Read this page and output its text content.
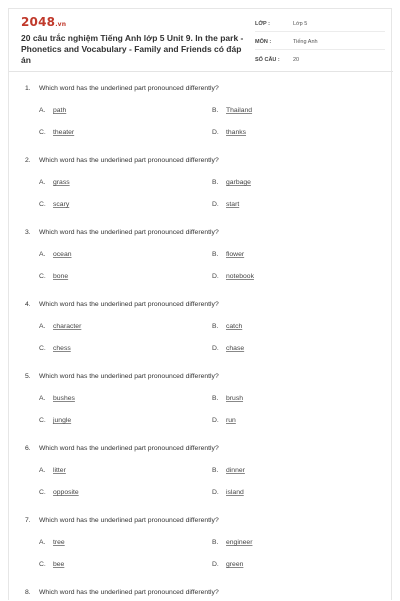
2048.vn
20 câu trắc nghiệm Tiếng Anh lớp 5 Unit 9. In the park - Phonetics and Vocabulary - Family and Friends có đáp án
LỚP :	Lớp 5
MÔN :	Tiếng Anh
SỐ CÂU : 20
1. Which word has the underlined part pronounced differently?
A. path	B. Thailand
C. theater	D. thanks
2. Which word has the underlined part pronounced differently?
A. grass	B. garbage
C. scary	D. start
3. Which word has the underlined part pronounced differently?
A. ocean	B. flower
C. bone	D. notebook
4. Which word has the underlined part pronounced differently?
A. character	B. catch
C. chess	D. chase
5. Which word has the underlined part pronounced differently?
A. bushes	B. brush
C. jungle	D. run
6. Which word has the underlined part pronounced differently?
A. litter	B. dinner
C. opposite	D. island
7. Which word has the underlined part pronounced differently?
A. tree	B. engineer
C. bee	D. green
8. Which word has the underlined part pronounced differently?
